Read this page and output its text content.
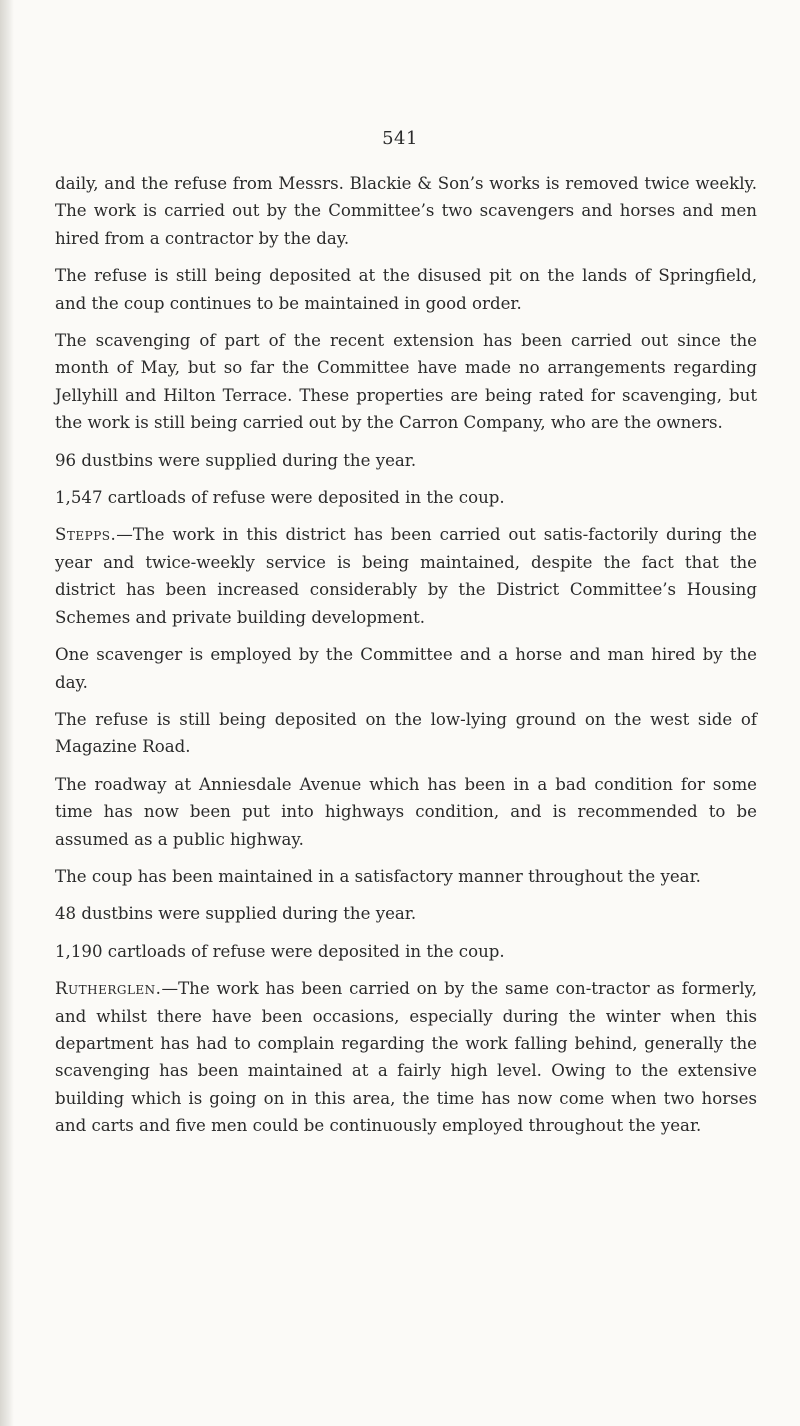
541

daily, and the refuse from Messrs. Blackie & Son’s works is removed twice weekly. The work is carried out by the Committee’s two scavengers and horses and men hired from a contractor by the day.

The refuse is still being deposited at the disused pit on the lands of Springfield, and the coup continues to be maintained in good order.

The scavenging of part of the recent extension has been carried out since the month of May, but so far the Committee have made no arrangements regarding Jellyhill and Hilton Terrace. These properties are being rated for scavenging, but the work is still being carried out by the Carron Company, who are the owners.

96 dustbins were supplied during the year.

1,547 cartloads of refuse were deposited in the coup.

Stepps.—The work in this district has been carried out satis-factorily during the year and twice-weekly service is being maintained, despite the fact that the district has been increased considerably by the District Committee’s Housing Schemes and private building development.

One scavenger is employed by the Committee and a horse and man hired by the day.

The refuse is still being deposited on the low-lying ground on the west side of Magazine Road.

The roadway at Anniesdale Avenue which has been in a bad condition for some time has now been put into highways condition, and is recommended to be assumed as a public highway.

The coup has been maintained in a satisfactory manner throughout the year.

48 dustbins were supplied during the year.

1,190 cartloads of refuse were deposited in the coup.

Rutherglen.—The work has been carried on by the same con-tractor as formerly, and whilst there have been occasions, especially during the winter when this department has had to complain regarding the work falling behind, generally the scavenging has been maintained at a fairly high level. Owing to the extensive building which is going on in this area, the time has now come when two horses and carts and five men could be continuously employed throughout the year.
